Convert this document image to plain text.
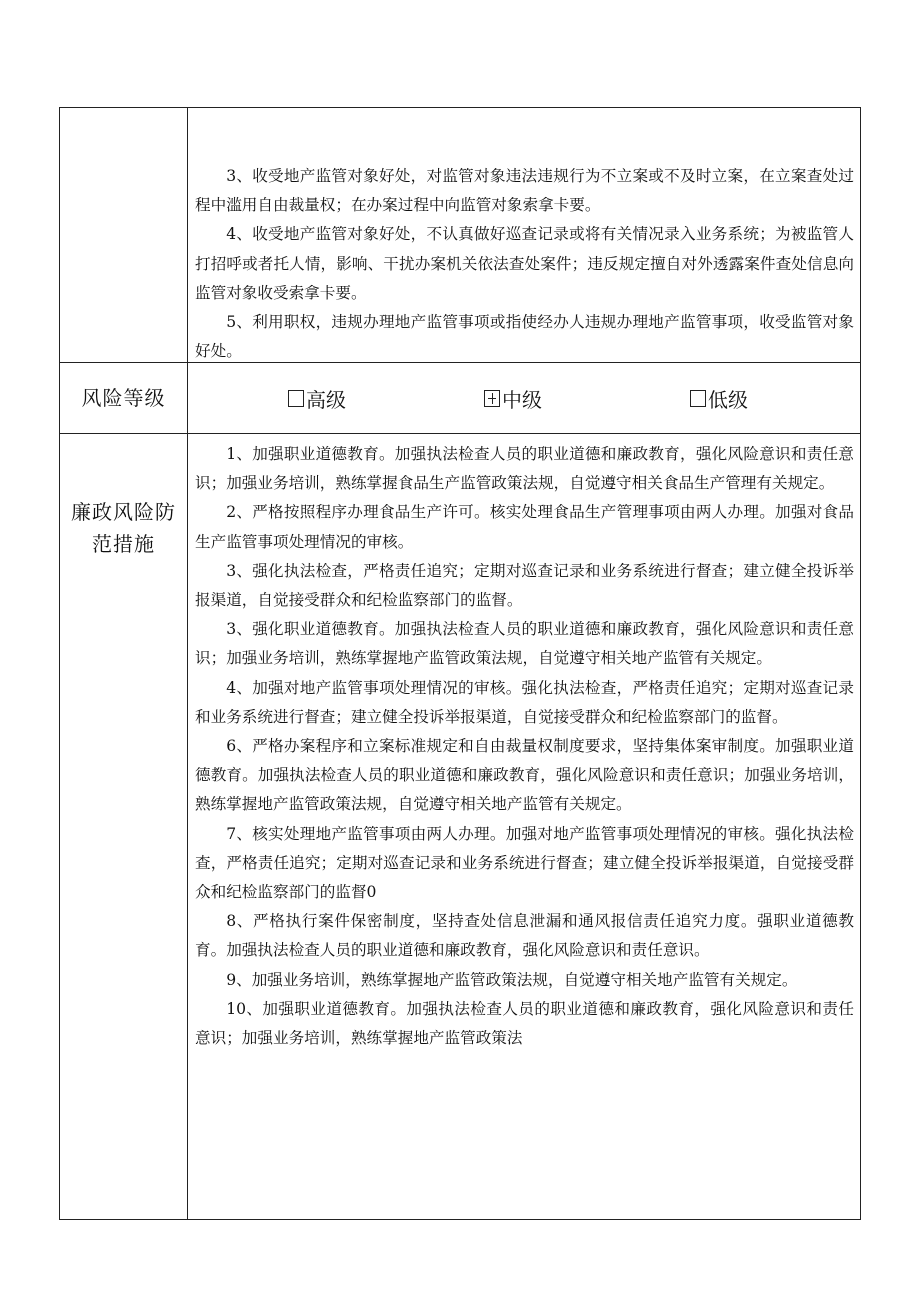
3、收受地产监管对象好处，对监管对象违法违规行为不立案或不及时立案，在立案查处过程中滥用自由裁量权；在办案过程中向监管对象索拿卡要。

4、收受地产监管对象好处，不认真做好巡查记录或将有关情况录入业务系统；为被监管人打招呼或者托人情，影响、干扰办案机关依法查处案件；违反规定擅自对外透露案件查处信息向监管对象收受索拿卡要。

5、利用职权，违规办理地产监管事项或指使经办人违规办理地产监管事项，收受监管对象好处。

风险等级	高级	中级	低级
廉政风险防范措施

1、加强职业道德教育。加强执法检查人员的职业道德和廉政教育，强化风险意识和责任意识；加强业务培训，熟练掌握食品生产监管政策法规，自觉遵守相关食品生产管理有关规定。

2、严格按照程序办理食品生产许可。核实处理食品生产管理事项由两人办理。加强对食品生产监管事项处理情况的审核。

3、强化执法检查，严格责任追究；定期对巡查记录和业务系统进行督查；建立健全投诉举报渠道，自觉接受群众和纪检监察部门的监督。

3、强化职业道德教育。加强执法检查人员的职业道德和廉政教育，强化风险意识和责任意识；加强业务培训，熟练掌握地产监管政策法规，自觉遵守相关地产监管有关规定。

4、加强对地产监管事项处理情况的审核。强化执法检查，严格责任追究；定期对巡查记录和业务系统进行督查；建立健全投诉举报渠道，自觉接受群众和纪检监察部门的监督。

6、严格办案程序和立案标准规定和自由裁量权制度要求，坚持集体案审制度。加强职业道德教育。加强执法检查人员的职业道德和廉政教育，强化风险意识和责任意识；加强业务培训，熟练掌握地产监管政策法规，自觉遵守相关地产监管有关规定。

7、核实处理地产监管事项由两人办理。加强对地产监管事项处理情况的审核。强化执法检查，严格责任追究；定期对巡查记录和业务系统进行督查；建立健全投诉举报渠道，自觉接受群众和纪检监察部门的监督0

8、严格执行案件保密制度，坚持查处信息泄漏和通风报信责任追究力度。强职业道德教育。加强执法检查人员的职业道德和廉政教育，强化风险意识和责任意识。

9、加强业务培训，熟练掌握地产监管政策法规，自觉遵守相关地产监管有关规定。

10、加强职业道德教育。加强执法检查人员的职业道德和廉政教育，强化风险意识和责任意识；加强业务培训，熟练掌握地产监管政策法
